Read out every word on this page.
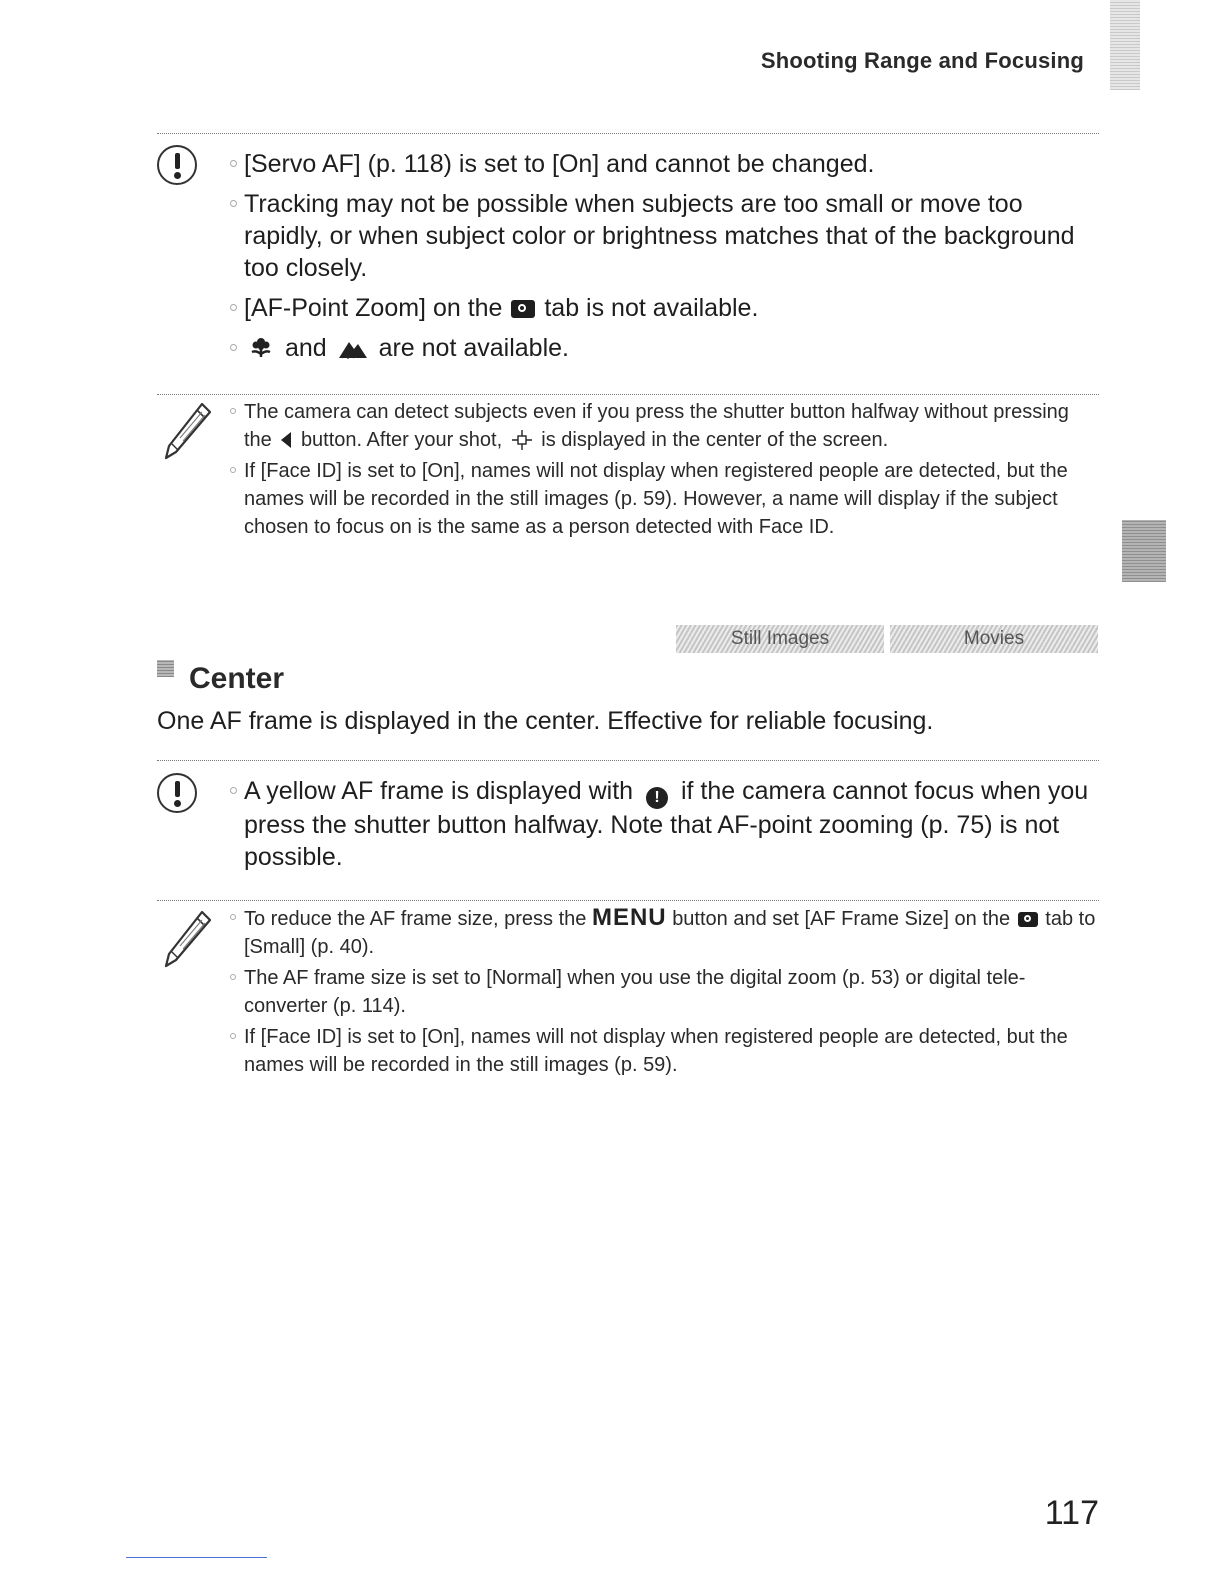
Shooting Range and Focusing
[Servo AF] (p. 118) is set to [On] and cannot be changed.
Tracking may not be possible when subjects are too small or move too rapidly, or when subject color or brightness matches that of the background too closely.
[AF-Point Zoom] on the tab is not available.
and are not available.
The camera can detect subjects even if you press the shutter button halfway without pressing the button. After your shot, is displayed in the center of the screen.
If [Face ID] is set to [On], names will not display when registered people are detected, but the names will be recorded in the still images (p. 59). However, a name will display if the subject chosen to focus on is the same as a person detected with Face ID.
Still Images	Movies
Center
One AF frame is displayed in the center. Effective for reliable focusing.
A yellow AF frame is displayed with ! if the camera cannot focus when you press the shutter button halfway. Note that AF-point zooming (p. 75) is not possible.
To reduce the AF frame size, press the MENU button and set [AF Frame Size] on the tab to [Small] (p. 40).
The AF frame size is set to [Normal] when you use the digital zoom (p. 53) or digital tele-converter (p. 114).
If [Face ID] is set to [On], names will not display when registered people are detected, but the names will be recorded in the still images (p. 59).
117
